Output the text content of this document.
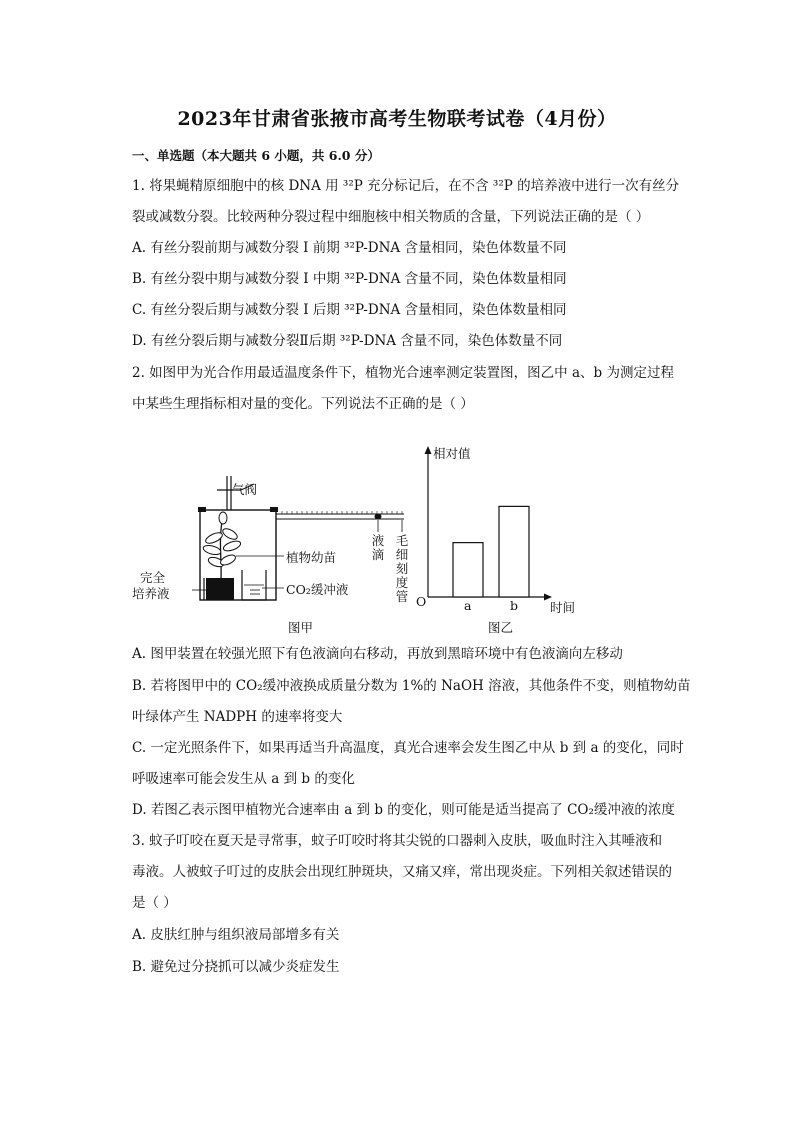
2023年甘肃省张掖市高考生物联考试卷（4月份）
一、单选题（本大题共 6 小题，共 6.0 分）
1. 将果蝇精原细胞中的核 DNA 用 ³²P 充分标记后，在不含 ³²P 的培养液中进行一次有丝分
裂或减数分裂。比较两种分裂过程中细胞核中相关物质的含量，下列说法正确的是（ ）
A. 有丝分裂前期与减数分裂 I 前期 ³²P-DNA 含量相同，染色体数量不同
B. 有丝分裂中期与减数分裂 I 中期 ³²P-DNA 含量不同，染色体数量相同
C. 有丝分裂后期与减数分裂 I 后期 ³²P-DNA 含量相同，染色体数量相同
D. 有丝分裂后期与减数分裂Ⅱ后期 ³²P-DNA 含量不同，染色体数量不同
2. 如图甲为光合作用最适温度条件下，植物光合速率测定装置图，图乙中 a、b 为测定过程
中某些生理指标相对量的变化。下列说法不正确的是（ ）
气阀
植物幼苗
CO₂缓冲液
完全
培养液
液滴
毛细刻度管
图甲
相对值
时间
O	a	b
图乙
A. 图甲装置在较强光照下有色液滴向右移动，再放到黑暗环境中有色液滴向左移动
B. 若将图甲中的 CO₂缓冲液换成质量分数为 1%的 NaOH 溶液，其他条件不变，则植物幼苗
叶绿体产生 NADPH 的速率将变大
C. 一定光照条件下，如果再适当升高温度，真光合速率会发生图乙中从 b 到 a 的变化，同时
呼吸速率可能会发生从 a 到 b 的变化
D. 若图乙表示图甲植物光合速率由 a 到 b 的变化，则可能是适当提高了 CO₂缓冲液的浓度
3. 蚊子叮咬在夏天是寻常事，蚊子叮咬时将其尖锐的口器刺入皮肤，吸血时注入其唾液和
毒液。人被蚊子叮过的皮肤会出现红肿斑块，又痛又痒，常出现炎症。下列相关叙述错误的
是（ ）
A. 皮肤红肿与组织液局部增多有关
B. 避免过分挠抓可以减少炎症发生
